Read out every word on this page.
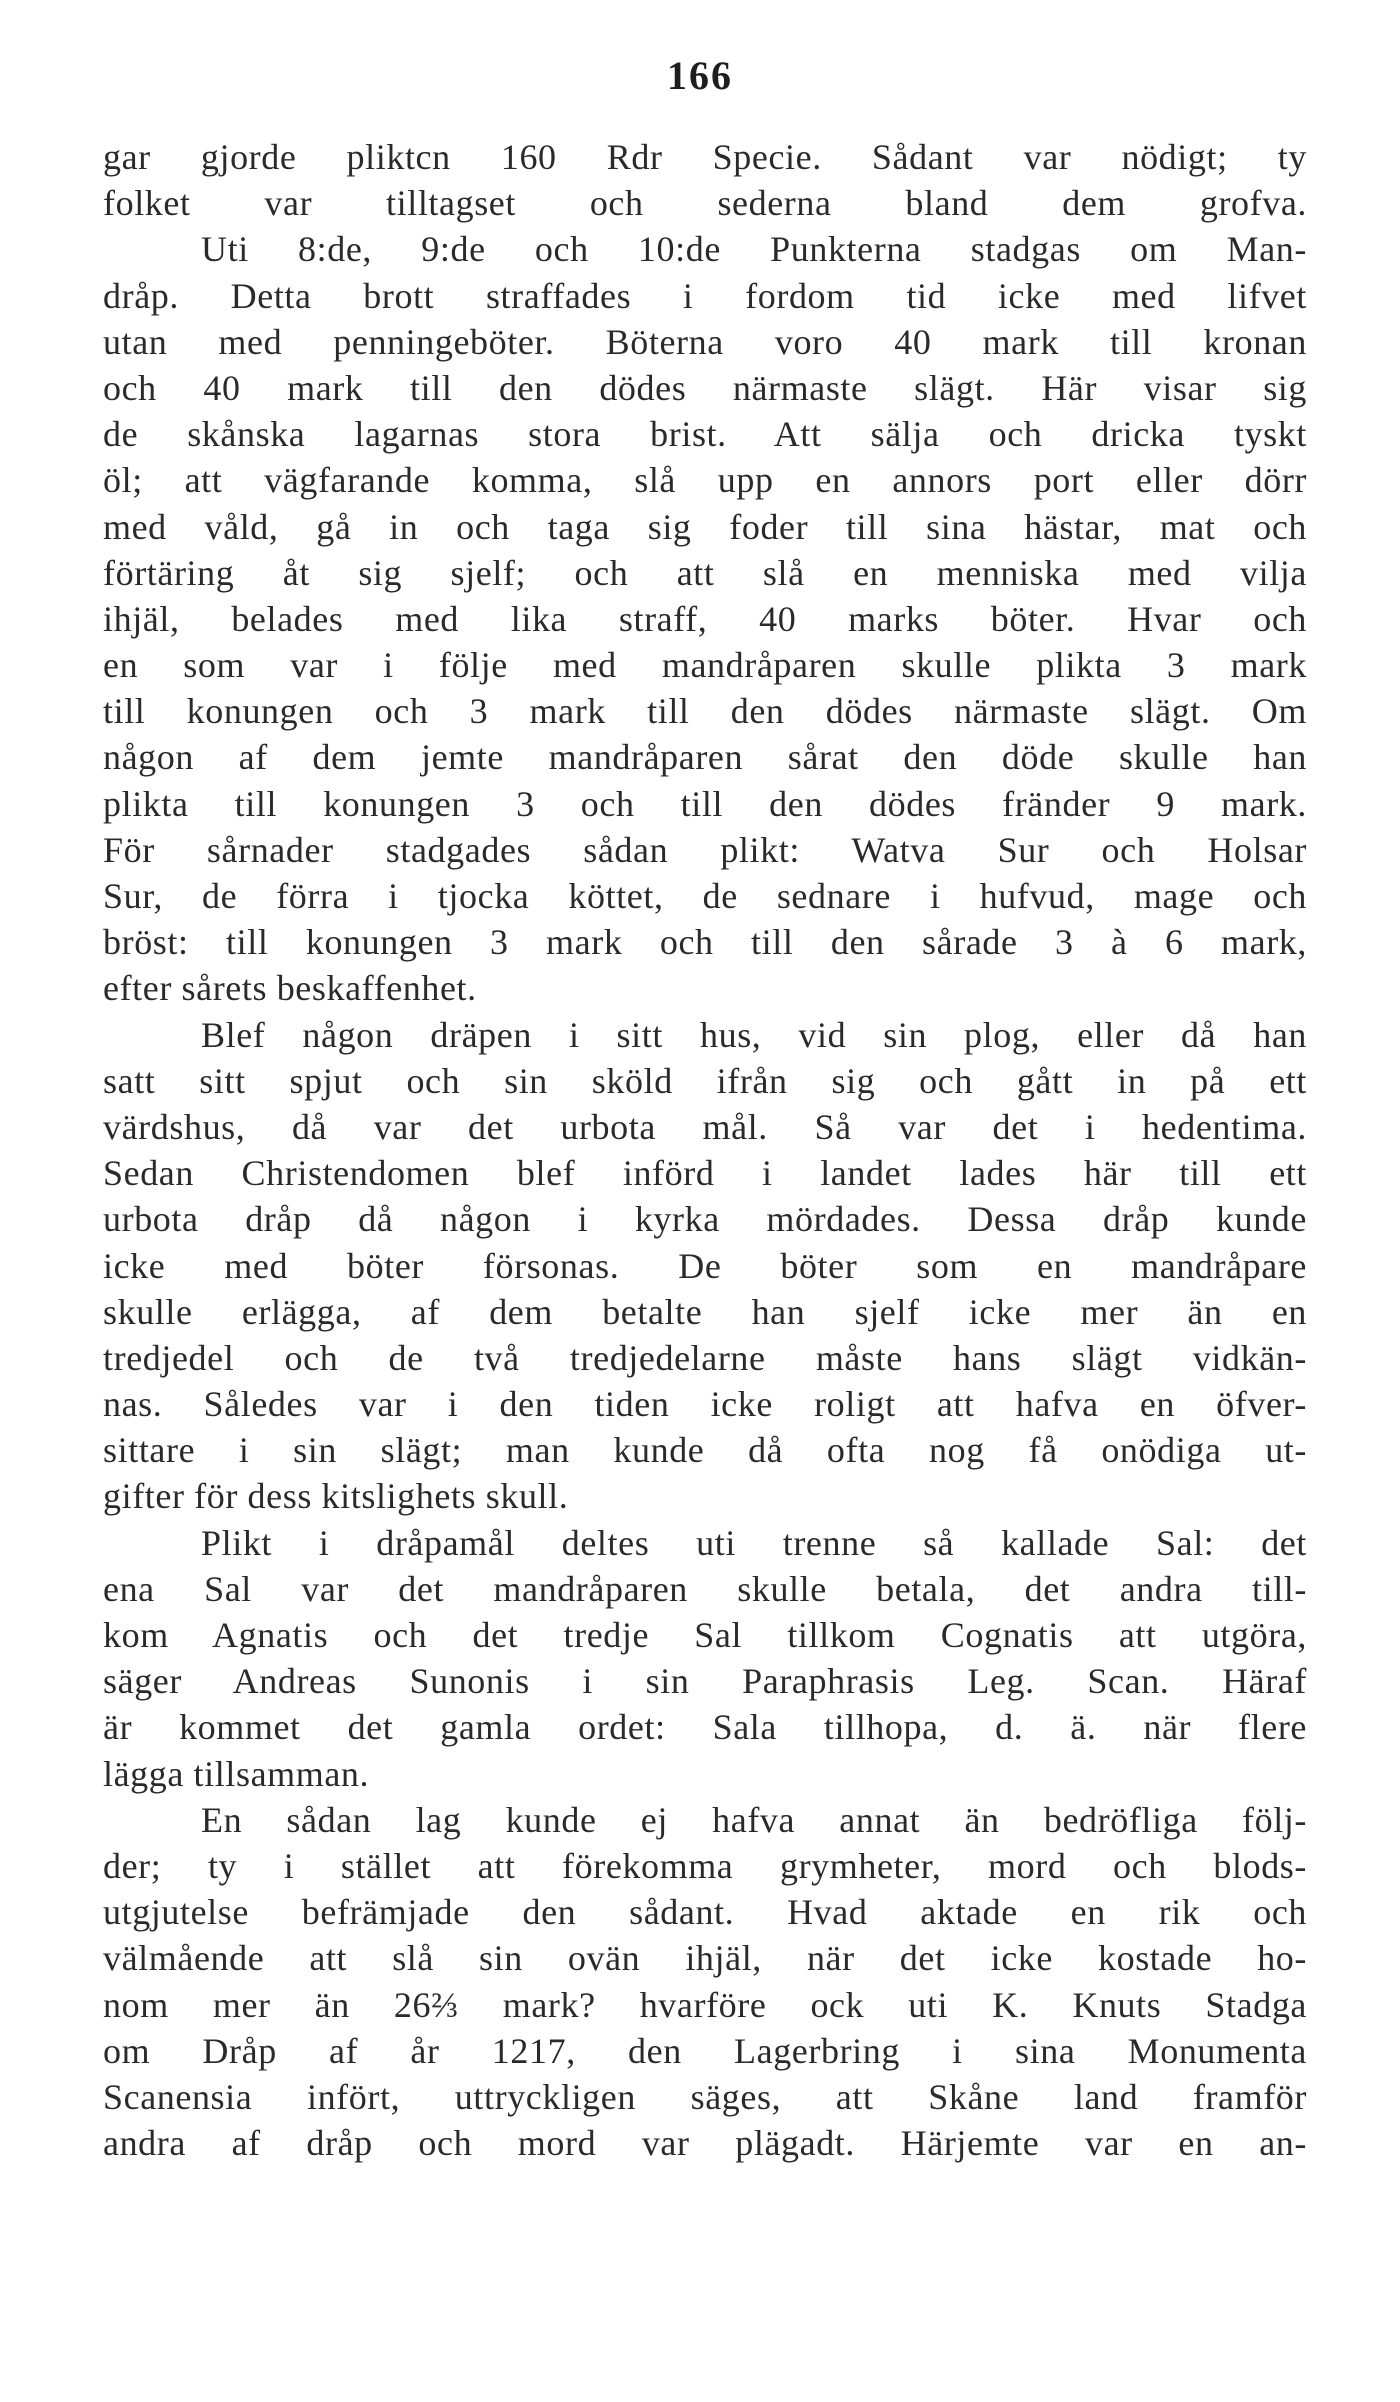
166
gar gjorde pliktcn 160 Rdr Specie. Sådant var nödigt; ty
folket var tilltagset och sederna bland dem grofva.
Uti 8:de, 9:de och 10:de Punkterna stadgas om Man-
dråp. Detta brott straffades i fordom tid icke med lifvet
utan med penningeböter. Böterna voro 40 mark till kronan
och 40 mark till den dödes närmaste slägt. Här visar sig
de skånska lagarnas stora brist. Att sälja och dricka tyskt
öl; att vägfarande komma, slå upp en annors port eller dörr
med våld, gå in och taga sig foder till sina hästar, mat och
förtäring åt sig sjelf; och att slå en menniska med vilja
ihjäl, belades med lika straff, 40 marks böter. Hvar och
en som var i följe med mandråparen skulle plikta 3 mark
till konungen och 3 mark till den dödes närmaste slägt. Om
någon af dem jemte mandråparen sårat den döde skulle han
plikta till konungen 3 och till den dödes fränder 9 mark.
För sårnader stadgades sådan plikt: Watva Sur och Holsar
Sur, de förra i tjocka köttet, de sednare i hufvud, mage och
bröst: till konungen 3 mark och till den sårade 3 à 6 mark,
efter sårets beskaffenhet.
Blef någon dräpen i sitt hus, vid sin plog, eller då han
satt sitt spjut och sin sköld ifrån sig och gått in på ett
värdshus, då var det urbota mål. Så var det i hedentima.
Sedan Christendomen blef införd i landet lades här till ett
urbota dråp då någon i kyrka mördades. Dessa dråp kunde
icke med böter försonas. De böter som en mandråpare
skulle erlägga, af dem betalte han sjelf icke mer än en
tredjedel och de två tredjedelarne måste hans slägt vidkän-
nas. Således var i den tiden icke roligt att hafva en öfver-
sittare i sin slägt; man kunde då ofta nog få onödiga ut-
gifter för dess kitslighets skull.
Plikt i dråpamål deltes uti trenne så kallade Sal: det
ena Sal var det mandråparen skulle betala, det andra till-
kom Agnatis och det tredje Sal tillkom Cognatis att utgöra,
säger Andreas Sunonis i sin Paraphrasis Leg. Scan. Häraf
är kommet det gamla ordet: Sala tillhopa, d. ä. när flere
lägga tillsamman.
En sådan lag kunde ej hafva annat än bedröfliga följ-
der; ty i stället att förekomma grymheter, mord och blods-
utgjutelse befrämjade den sådant. Hvad aktade en rik och
välmående att slå sin ovän ihjäl, när det icke kostade ho-
nom mer än 26⅔ mark? hvarföre ock uti K. Knuts Stadga
om Dråp af år 1217, den Lagerbring i sina Monumenta
Scanensia infört, uttryckligen säges, att Skåne land framför
andra af dråp och mord var plägadt. Härjemte var en an-
